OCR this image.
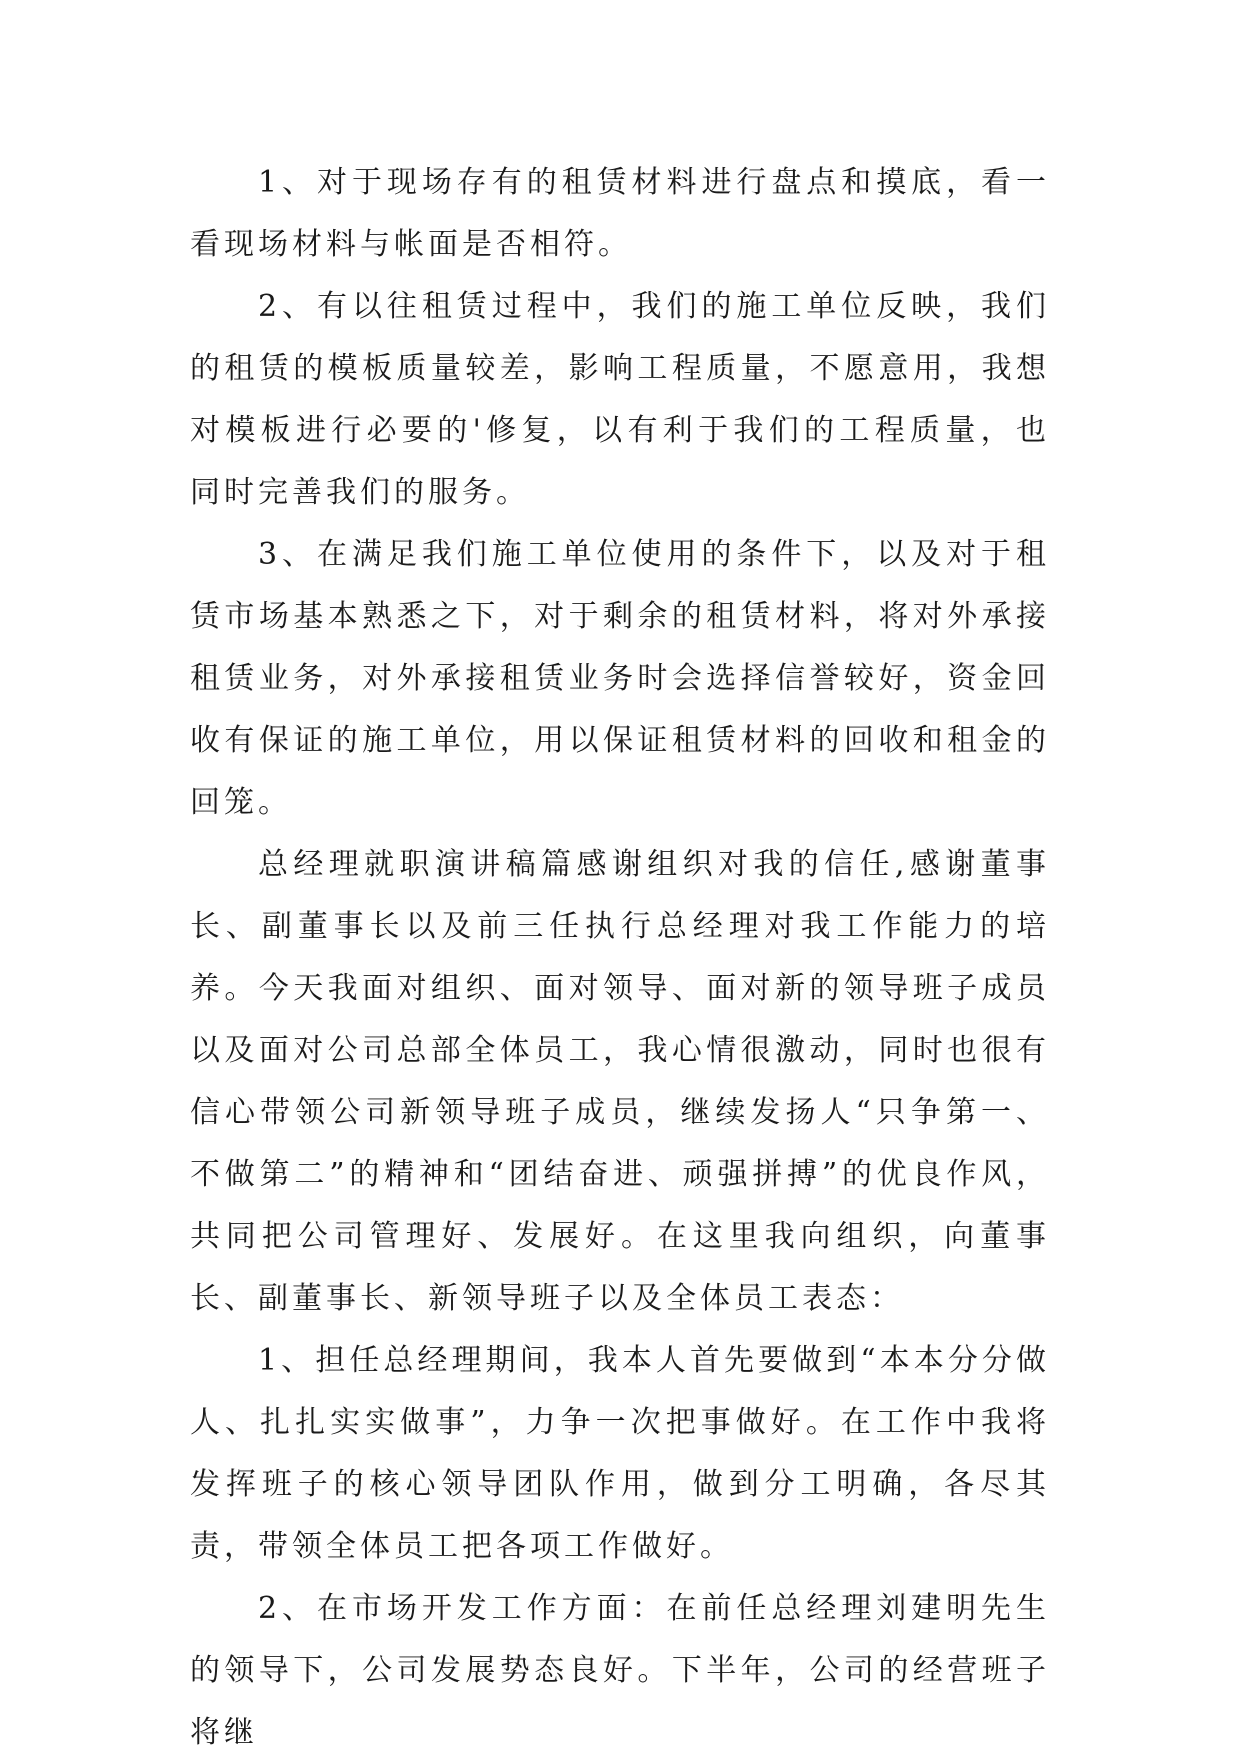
1、对于现场存有的租赁材料进行盘点和摸底，看一看现场材料与帐面是否相符。

2、有以往租赁过程中，我们的施工单位反映，我们的租赁的模板质量较差，影响工程质量，不愿意用，我想对模板进行必要的'修复，以有利于我们的工程质量，也同时完善我们的服务。

3、在满足我们施工单位使用的条件下，以及对于租赁市场基本熟悉之下，对于剩余的租赁材料，将对外承接租赁业务，对外承接租赁业务时会选择信誉较好，资金回收有保证的施工单位，用以保证租赁材料的回收和租金的回笼。

总经理就职演讲稿篇感谢组织对我的信任,感谢董事长、副董事长以及前三任执行总经理对我工作能力的培养。今天我面对组织、面对领导、面对新的领导班子成员以及面对公司总部全体员工，我心情很激动，同时也很有信心带领公司新领导班子成员，继续发扬人“只争第一、不做第二”的精神和“团结奋进、顽强拼搏”的优良作风，共同把公司管理好、发展好。在这里我向组织，向董事长、副董事长、新领导班子以及全体员工表态：

1、担任总经理期间，我本人首先要做到“本本分分做人、扎扎实实做事”，力争一次把事做好。在工作中我将发挥班子的核心领导团队作用，做到分工明确，各尽其责，带领全体员工把各项工作做好。

2、在市场开发工作方面：在前任总经理刘建明先生的领导下，公司发展势态良好。下半年，公司的经营班子将继
